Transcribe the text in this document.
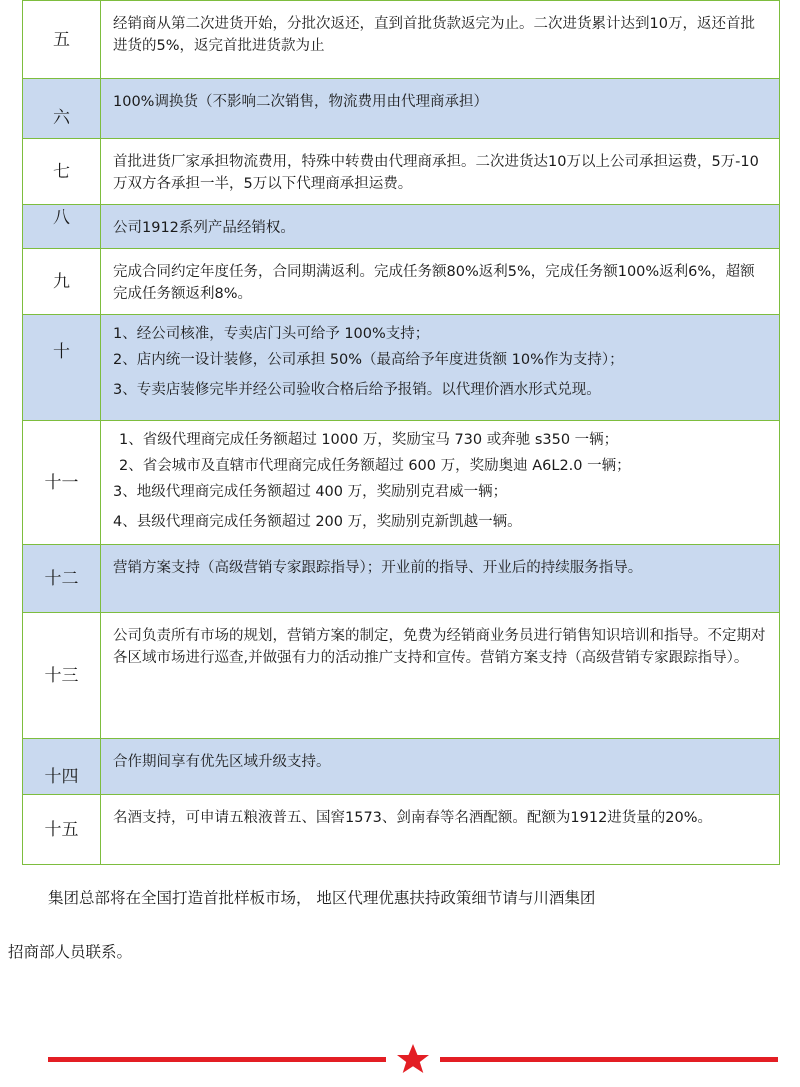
五	经销商从第二次进货开始，分批次返还，直到首批货款返完为止。二次进货累计达到10万，返还首批进货的5%，返完首批进货款为止

六	100%调换货（不影响二次销售，物流费用由代理商承担）

七	首批进货厂家承担物流费用，特殊中转费由代理商承担。二次进货达10万以上公司承担运费，5万-10万双方各承担一半，5万以下代理商承担运费。

八	公司1912系列产品经销权。

九	完成合同约定年度任务，合同期满返利。完成任务额80%返利5%，完成任务额100%返利6%，超额完成任务额返利8%。

十	1、经公司核准，专卖店门头可给予 100%支持；
2、店内统一设计装修，公司承担 50%（最高给予年度进货额 10%作为支持）；
3、专卖店装修完毕并经公司验收合格后给予报销。以代理价酒水形式兑现。

十一	1、省级代理商完成任务额超过 1000 万，奖励宝马 730 或奔驰 s350 一辆；
2、省会城市及直辖市代理商完成任务额超过 600 万，奖励奥迪 A6L2.0 一辆；
3、地级代理商完成任务额超过 400 万，奖励别克君威一辆；
4、县级代理商完成任务额超过 200 万，奖励别克新凯越一辆。

十二	营销方案支持（高级营销专家跟踪指导）；开业前的指导、开业后的持续服务指导。

十三	公司负责所有市场的规划，营销方案的制定，免费为经销商业务员进行销售知识培训和指导。不定期对各区域市场进行巡查,并做强有力的活动推广支持和宣传。营销方案支持（高级营销专家跟踪指导）。

十四	合作期间享有优先区域升级支持。

十五	名酒支持，可申请五粮液普五、国窖1573、剑南春等名酒配额。配额为1912进货量的20%。

集团总部将在全国打造首批样板市场， 地区代理优惠扶持政策细节请与川酒集团

招商部人员联系。
